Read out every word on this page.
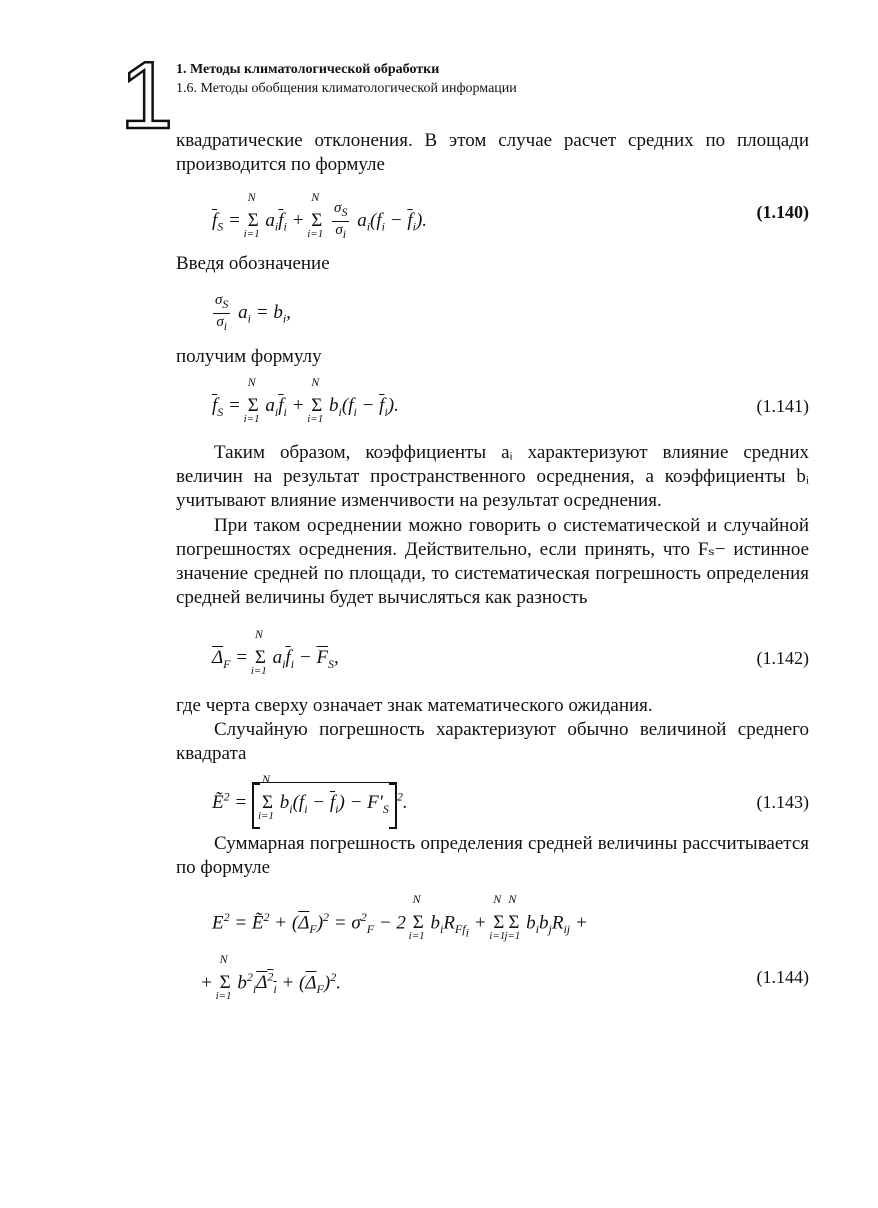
1 1. Методы климатологической обработки
1.6. Методы обобщения климатологической информации

квадратические отклонения. В этом случае расчет средних по площади производится по формуле

$\overline{f}_S = \Sigma$
N
i=1
$a_i\overline{f}_i + \Sigma$
N
i=1
$\frac{\sigma_S}{\sigma_i} a_i(f_i - \overline{f}_i)$.	(1.140)
Введя обозначение
$\frac{\sigma_S}{\sigma_i} a_i = b_i$,
получим формулу
$\overline{f}_S = \Sigma$
N
i=1
$a_i\overline{f}_i + \Sigma$
N
i=1
$b_i(f_i - \overline{f}_i)$.	(1.141)

Таким образом, коэффициенты aᵢ характеризуют влияние средних величин на результат пространственного осреднения, а коэффициенты bᵢ учитывают влияние изменчивости на результат осреднения.

При таком осреднении можно говорить о систематической и случайной погрешностях осреднения. Действительно, если принять, что Fₛ− истинное значение средней по площади, то систематическая погрешность определения средней величины будет вычисляться как разность

$\overline{\Delta}_F = \Sigma$
N
i=1
$a_i\overline{f}_i - \overline{F}_S$,	(1.142)

где черта сверху означает знак математического ожидания.

Случайную погрешность характеризуют обычно величиной среднего квадрата

Ẽ$^2$ = Σ
N
i=1
$b_i(f_i - \overline{f}_i) - F'_S^2$.	(1.143)

Суммарная погрешность определения средней величины рассчитывается по формуле

$E^2$ = Ẽ$^2$ + $(\overline{\Delta}_F)^2 = \sigma^2_F - 2$ Σ
N
i=1
$b_iR_{Ff_i} + \Sigma$
N
i=1
Σ
N
j=1
$b_ib_jR_{ij}$ +
+ Σ
N
i=1
$b^2_i\Delta^2_i + (\overline{\Delta}_F)^2$.	(1.144)
